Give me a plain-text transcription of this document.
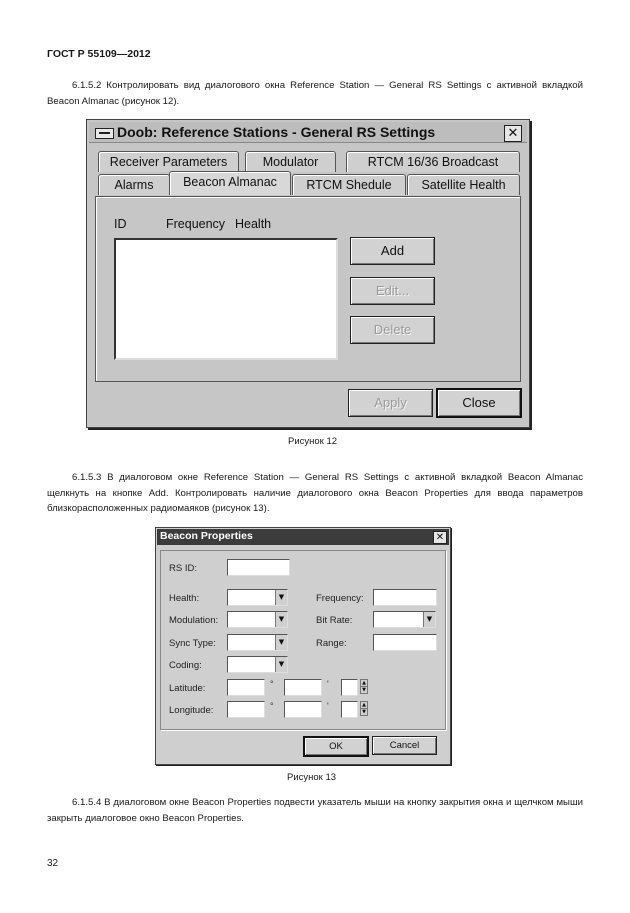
ГОСТ Р 55109—2012
6.1.5.2 Контролировать вид диалогового окна Reference Station — General RS Settings с активной вкладкой Beacon Almanac (рисунок 12).
Doob: Reference Stations - General RS Settings	✕
Receiver Parameters	Modulator	RTCM 16/36 Broadcast
Alarms	Beacon Almanac	RTCM Shedule	Satellite Health
ID	Frequency Health
Add
Edit...
Delete
Apply	Close
Рисунок 12
6.1.5.3 В диалоговом окне Reference Station — General RS Settings с активной вкладкой Beacon Almanac щелкнуть на кнопке Add. Контролировать наличие диалогового окна Beacon Properties для ввода параметров близкорасположенных радиомаяков (рисунок 13).
Beacon Properties	✕
RS ID:
Health:	▼
Modulation:	▼
Sync Type:	▼
Coding:	▼
Latitude:	°	'	▲
▼
Longitude:	°	'	▲
▼
Frequency:
Bit Rate:	▼
Range:
OK	Cancel
Рисунок 13
6.1.5.4 В диалоговом окне Beacon Properties подвести указатель мыши на кнопку закрытия окна и щелчком мыши закрыть диалоговое окно Beacon Properties.
32
